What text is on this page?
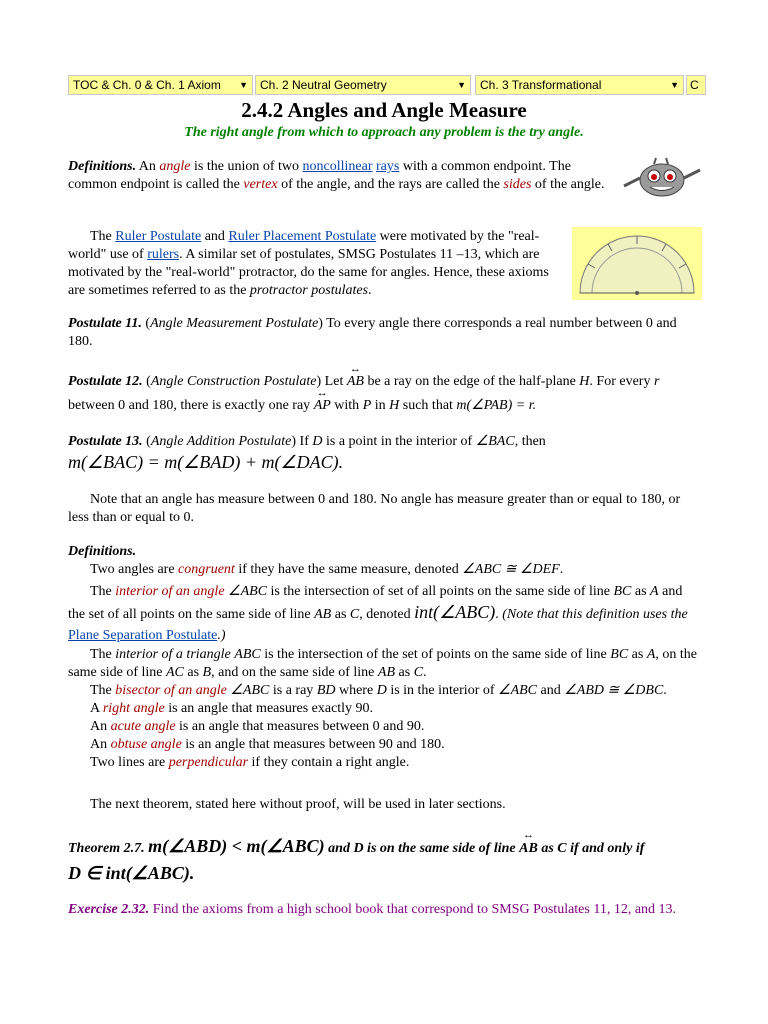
TOC & Ch. 0 & Ch. 1 Axiom ▼	Ch. 2 Neutral Geometry	▼	Ch. 3 Transformational	▼ C
2.4.2 Angles and Angle Measure
The right angle from which to approach any problem is the try angle.
Definitions. An angle is the union of two noncollinear rays with a common endpoint. The common endpoint is called the vertex of the angle, and the rays are called the sides of the angle.
The Ruler Postulate and Ruler Placement Postulate were motivated by the "real-world" use of rulers. A similar set of postulates, SMSG Postulates 11 –13, which are motivated by the "real-world" protractor, do the same for angles. Hence, these axioms are sometimes referred to as the protractor postulates.
Postulate 11. (Angle Measurement Postulate) To every angle there corresponds a real number between 0 and 180.
Postulate 12. (Angle Construction Postulate) Let ↔ AB be a ray on the edge of the half-plane H. For every r between 0 and 180, there is exactly one ray ↔ AP with P in H such that m(∠PAB) = r.
Postulate 13. (Angle Addition Postulate) If D is a point in the interior of ∠BAC, then
m(∠BAC) = m(∠BAD) + m(∠DAC).
Note that an angle has measure between 0 and 180. No angle has measure greater than or equal to 180, or less than or equal to 0.
Definitions.
Two angles are congruent if they have the same measure, denoted ∠ABC ≅ ∠DEF.
The interior of an angle ∠ABC is the intersection of set of all points on the same side of line BC as A and the set of all points on the same side of line AB as C, denoted int(∠ABC). (Note that this definition uses the Plane Separation Postulate.)
The interior of a triangle ABC is the intersection of the set of points on the same side of line BC as A, on the same side of line AC as B, and on the same side of line AB as C.
The bisector of an angle ∠ABC is a ray BD where D is in the interior of ∠ABC and ∠ABD ≅ ∠DBC.
A right angle is an angle that measures exactly 90.
An acute angle is an angle that measures between 0 and 90.
An obtuse angle is an angle that measures between 90 and 180.
Two lines are perpendicular if they contain a right angle.
The next theorem, stated here without proof, will be used in later sections.
Theorem 2.7. m(∠ABD) < m(∠ABC) and D is on the same side of line ↔ AB as C if and only if
D ∈ int(∠ABC).
Exercise 2.32. Find the axioms from a high school book that correspond to SMSG Postulates 11, 12, and 13.
